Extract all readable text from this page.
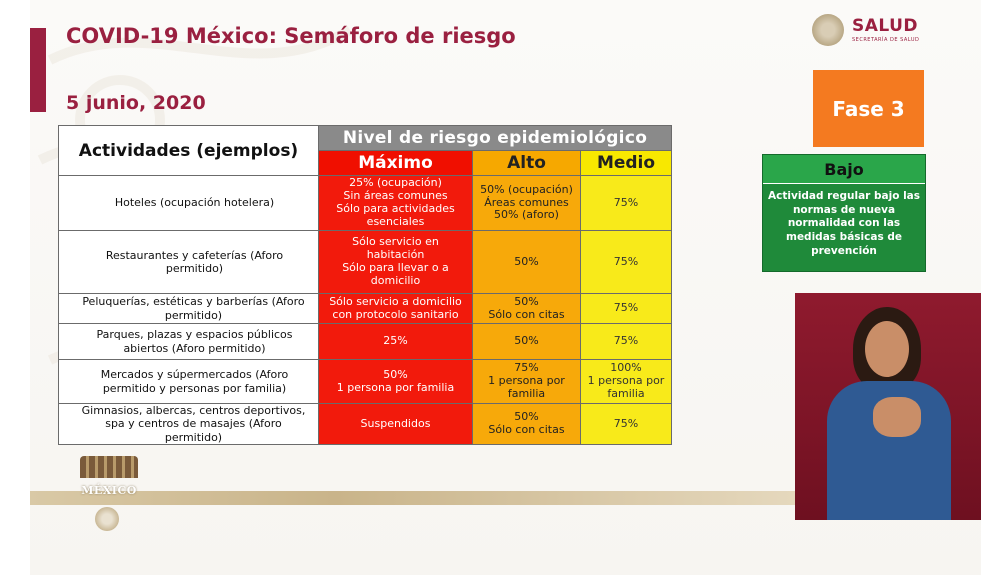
COVID-19 México: Semáforo de riesgo
5 junio, 2020
SALUD
SECRETARÍA DE SALUD
Actividades (ejemplos)	Nivel de riesgo epidemiológico		
	Máximo	Alto	Medio

Hoteles (ocupación hotelera)	25% (ocupación)
Sin áreas comunes
Sólo para actividades
esenciales	50% (ocupación)
Áreas comunes
50% (aforo)	75%

Restaurantes y cafeterías (Aforo permitido)	Sólo servicio en
habitación
Sólo para llevar o a
domicilio	50%	75%

Peluquerías, estéticas y barberías (Aforo permitido)	Sólo servicio a domicilio
con protocolo sanitario	50%
Sólo con citas	75%

Parques, plazas y espacios públicos abiertos (Aforo permitido)	25%	50%	75%

Mercados y súpermercados (Aforo permitido y personas por familia)	50%
1 persona por familia	75%
1 persona por
familia	100%
1 persona por
familia

Gimnasios, albercas, centros deportivos, spa y centros de masajes (Aforo permitido)	Suspendidos	50%
Sólo con citas	75%
Fase 3
Bajo
Actividad regular bajo las
normas de nueva
normalidad con las
medidas básicas de
prevención
MÉXICO
